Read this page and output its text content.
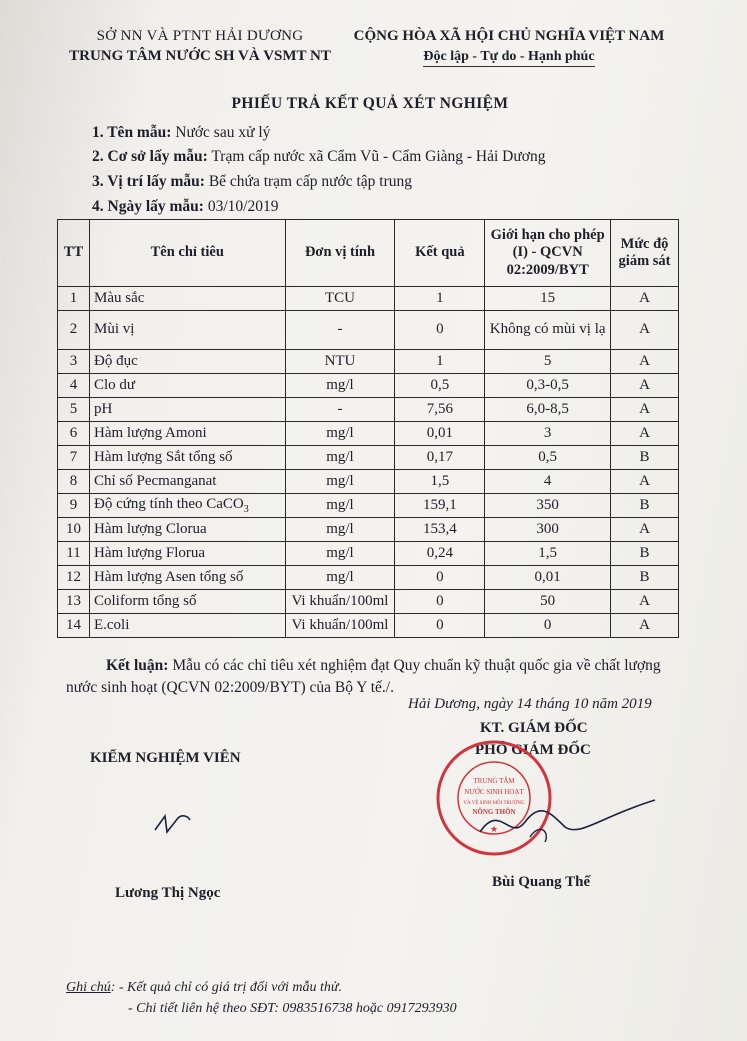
SỞ NN VÀ PTNT HẢI DƯƠNG
TRUNG TÂM NƯỚC SH VÀ VSMT NT
CỘNG HÒA XÃ HỘI CHỦ NGHĨA VIỆT NAM
Độc lập - Tự do - Hạnh phúc
PHIẾU TRẢ KẾT QUẢ XÉT NGHIỆM
1. Tên mẫu: Nước sau xử lý
2. Cơ sở lấy mẫu: Trạm cấp nước xã Cẩm Vũ - Cẩm Giàng - Hải Dương
3. Vị trí lấy mẫu: Bể chứa trạm cấp nước tập trung
4. Ngày lấy mẫu: 03/10/2019
TT	Tên chỉ tiêu	Đơn vị tính	Kết quả	Giới hạn cho phép (I) - QCVN 02:2009/BYT	Mức độ giám sát
1	Màu sắc	TCU	1	15	A
2	Mùi vị	-	0	Không có mùi vị lạ	A
3	Độ đục	NTU	1	5	A
4	Clo dư	mg/l	0,5	0,3-0,5	A
5	pH	-	7,56	6,0-8,5	A
6	Hàm lượng Amoni	mg/l	0,01	3	A
7	Hàm lượng Sắt tổng số	mg/l	0,17	0,5	B
8	Chỉ số Pecmanganat	mg/l	1,5	4	A
9	Độ cứng tính theo CaCO$_3$	mg/l	159,1	350	B
10	Hàm lượng Clorua	mg/l	153,4	300	A
11	Hàm lượng Florua	mg/l	0,24	1,5	B
12	Hàm lượng Asen tổng số	mg/l	0	0,01	B
13	Coliform tổng số	Vi khuẩn/100ml	0	50	A
14	E.coli	Vi khuẩn/100ml	0	0	A
Kết luận: Mẫu có các chỉ tiêu xét nghiệm đạt Quy chuẩn kỹ thuật quốc gia về chất lượng nước sinh hoạt (QCVN 02:2009/BYT) của Bộ Y tế./.
Hải Dương, ngày 14 tháng 10 năm 2019
KT. GIÁM ĐỐC
PHÓ GIÁM ĐỐC
KIỂM NGHIỆM VIÊN
TRUNG TÂM
NƯỚC SINH HOẠT
VÀ VỆ SINH MÔI TRƯỜNG
NÔNG THÔN
★
Lương Thị Ngọc
Bùi Quang Thế
Ghi chú: - Kết quả chỉ có giá trị đối với mẫu thử.
- Chi tiết liên hệ theo SĐT: 0983516738 hoặc 0917293930
